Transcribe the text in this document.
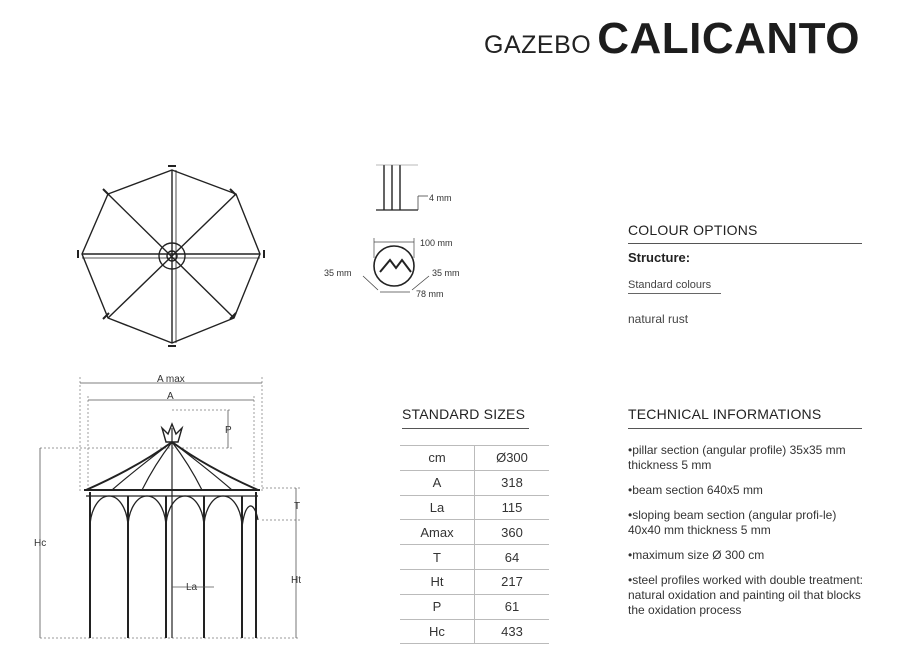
GAZEBO CALICANTO
4 mm
100 mm
35 mm	35 mm
78 mm
A max
A
P
T
Hc
Ht
La
COLOUR OPTIONS
Structure:
Standard colours
natural rust
STANDARD SIZES
cm	Ø300
A	318
La	115
Amax	360
T	64
Ht	217
P	61
Hc	433
TECHNICAL INFORMATIONS
• pillar section (angular profile) 35x35 mm thickness 5 mm
• beam section 640x5 mm
• sloping beam section (angular profi-le) 40x40 mm thickness 5 mm
• maximum size Ø 300 cm
• steel profiles worked with double treatment: natural oxidation and painting oil that blocks the oxidation process
